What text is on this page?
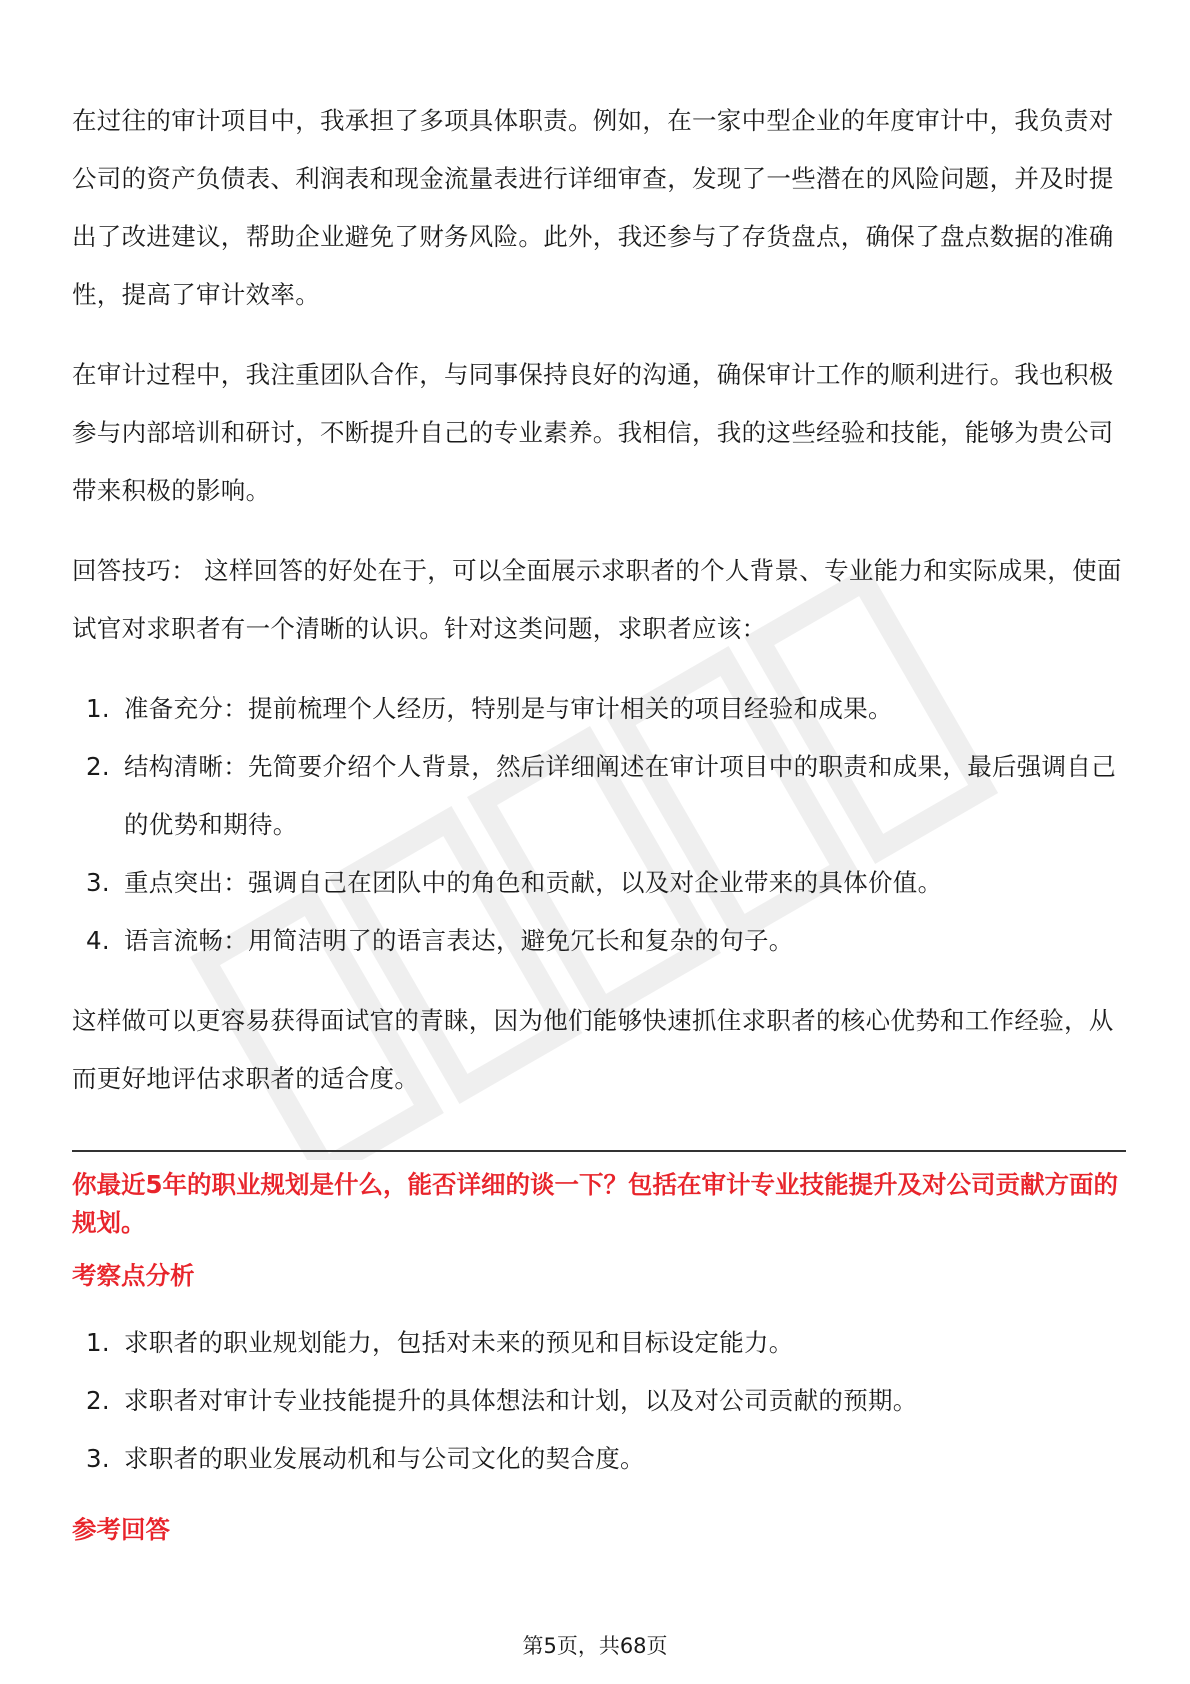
在过往的审计项目中，我承担了多项具体职责。例如，在一家中型企业的年度审计中，我负责对公司的资产负债表、利润表和现金流量表进行详细审查，发现了一些潜在的风险问题，并及时提出了改进建议，帮助企业避免了财务风险。此外，我还参与了存货盘点，确保了盘点数据的准确性，提高了审计效率。

在审计过程中，我注重团队合作，与同事保持良好的沟通，确保审计工作的顺利进行。我也积极参与内部培训和研讨，不断提升自己的专业素养。我相信，我的这些经验和技能，能够为贵公司带来积极的影响。

回答技巧： 这样回答的好处在于，可以全面展示求职者的个人背景、专业能力和实际成果，使面试官对求职者有一个清晰的认识。针对这类问题，求职者应该：

1. 准备充分：提前梳理个人经历，特别是与审计相关的项目经验和成果。
2. 结构清晰：先简要介绍个人背景，然后详细阐述在审计项目中的职责和成果，最后强调自己的优势和期待。
3. 重点突出：强调自己在团队中的角色和贡献，以及对企业带来的具体价值。
4. 语言流畅：用简洁明了的语言表达，避免冗长和复杂的句子。

这样做可以更容易获得面试官的青睐，因为他们能够快速抓住求职者的核心优势和工作经验，从而更好地评估求职者的适合度。

你最近5年的职业规划是什么，能否详细的谈一下？包括在审计专业技能提升及对公司贡献方面的规划。
考察点分析
1. 求职者的职业规划能力，包括对未来的预见和目标设定能力。
2. 求职者对审计专业技能提升的具体想法和计划，以及对公司贡献的预期。
3. 求职者的职业发展动机和与公司文化的契合度。
参考回答
第5页，共68页
